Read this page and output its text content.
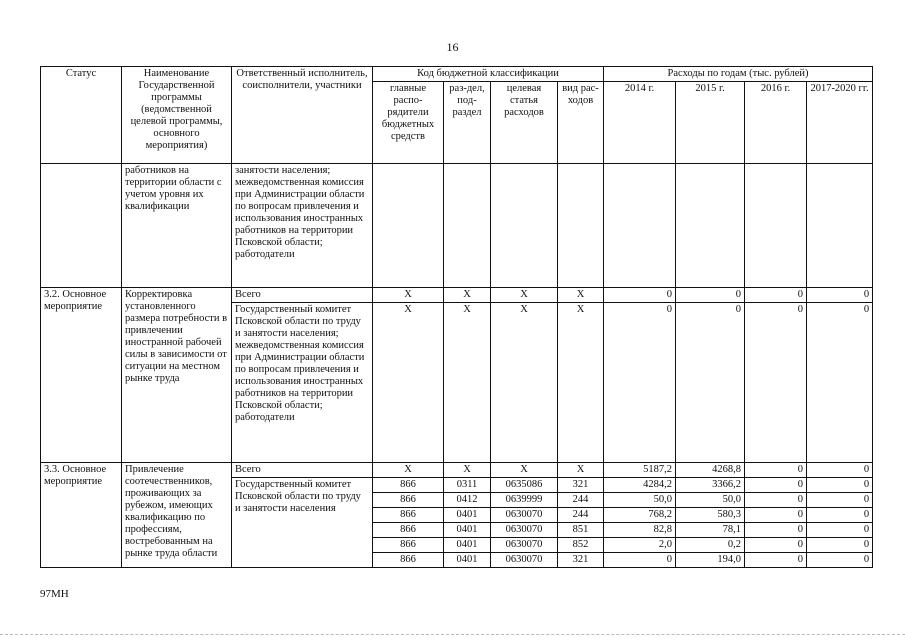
16
Статус	Наименование Государственной программы (ведомственной целевой программы, основного мероприятия)	Ответственный исполнитель, соисполнители, участники	Код бюджетной классификации				Расходы по годам (тыс. рублей)			
			главные распо-рядители бюджетных средств	раз-дел, под-раздел	целевая статья расходов	вид рас-ходов	2014 г.	2015 г.	2016 г.	2017-2020 гг.
	работников на территории области с учетом уровня их квалификации	занятости населения; межведомственная комиссия при Администрации области по вопросам привлечения и использования иностранных работников на территории Псковской области; работодатели								
3.2. Основное мероприятие	Корректировка установленного размера потребности в привлечении иностранной рабочей силы в зависимости от ситуации на местном рынке труда	Всего	Х	Х	Х	Х	0	0	0	0
		Государственный комитет Псковской области по труду и занятости населения; межведомственная комиссия при Администрации области по вопросам привлечения и использования иностранных работников на территории Псковской области; работодатели	Х	Х	Х	Х	0	0	0	0
3.3. Основное мероприятие	Привлечение соотечественников, проживающих за рубежом, имеющих квалификацию по профессиям, востребованным на рынке труда области	Всего	Х	Х	Х	Х	5187,2	4268,8	0	0
		Государственный комитет Псковской области по труду и занятости населения	866	0311	0635086	321	4284,2	3366,2	0	0
			866	0412	0639999	244	50,0	50,0	0	0
			866	0401	0630070	244	768,2	580,3	0	0
			866	0401	0630070	851	82,8	78,1	0	0
			866	0401	0630070	852	2,0	0,2	0	0
			866	0401	0630070	321	0	194,0	0	0
97МН
